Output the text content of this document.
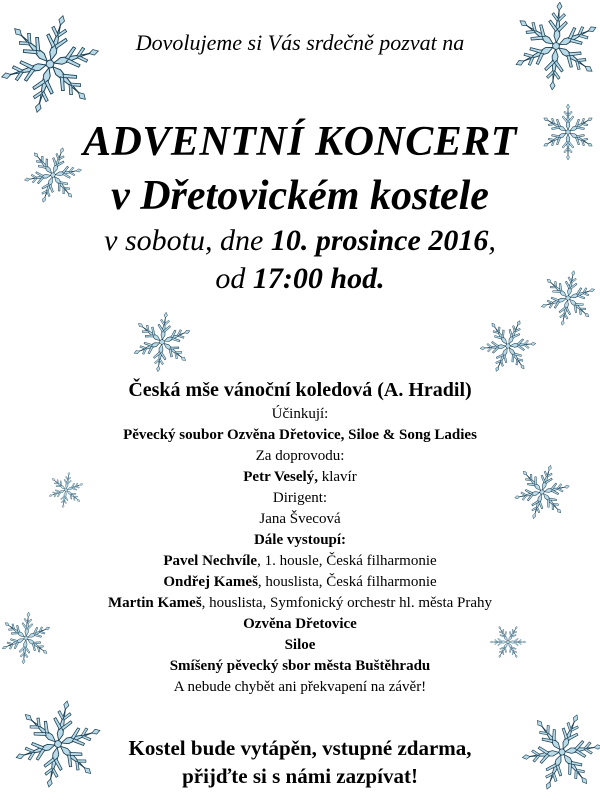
Dovolujeme si Vás srdečně pozvat na
ADVENTNÍ KONCERT
v Dřetovickém kostele
v sobotu, dne 10. prosince 2016,
od 17:00 hod.
Česká mše vánoční koledová (A. Hradil)
Účinkují:
Pěvecký soubor Ozvěna Dřetovice, Siloe & Song Ladies
Za doprovodu:
Petr Veselý, klavír
Dirigent:
Jana Švecová
Dále vystoupí:
Pavel Nechvíle, 1. housle, Česká filharmonie
Ondřej Kameš, houslista, Česká filharmonie
Martin Kameš, houslista, Symfonický orchestr hl. města Prahy
Ozvěna Dřetovice
Siloe
Smíšený pěvecký sbor města Buštěhradu
A nebude chybět ani překvapení na závěr!
Kostel bude vytápěn, vstupné zdarma,
přijďte si s námi zazpívat!
